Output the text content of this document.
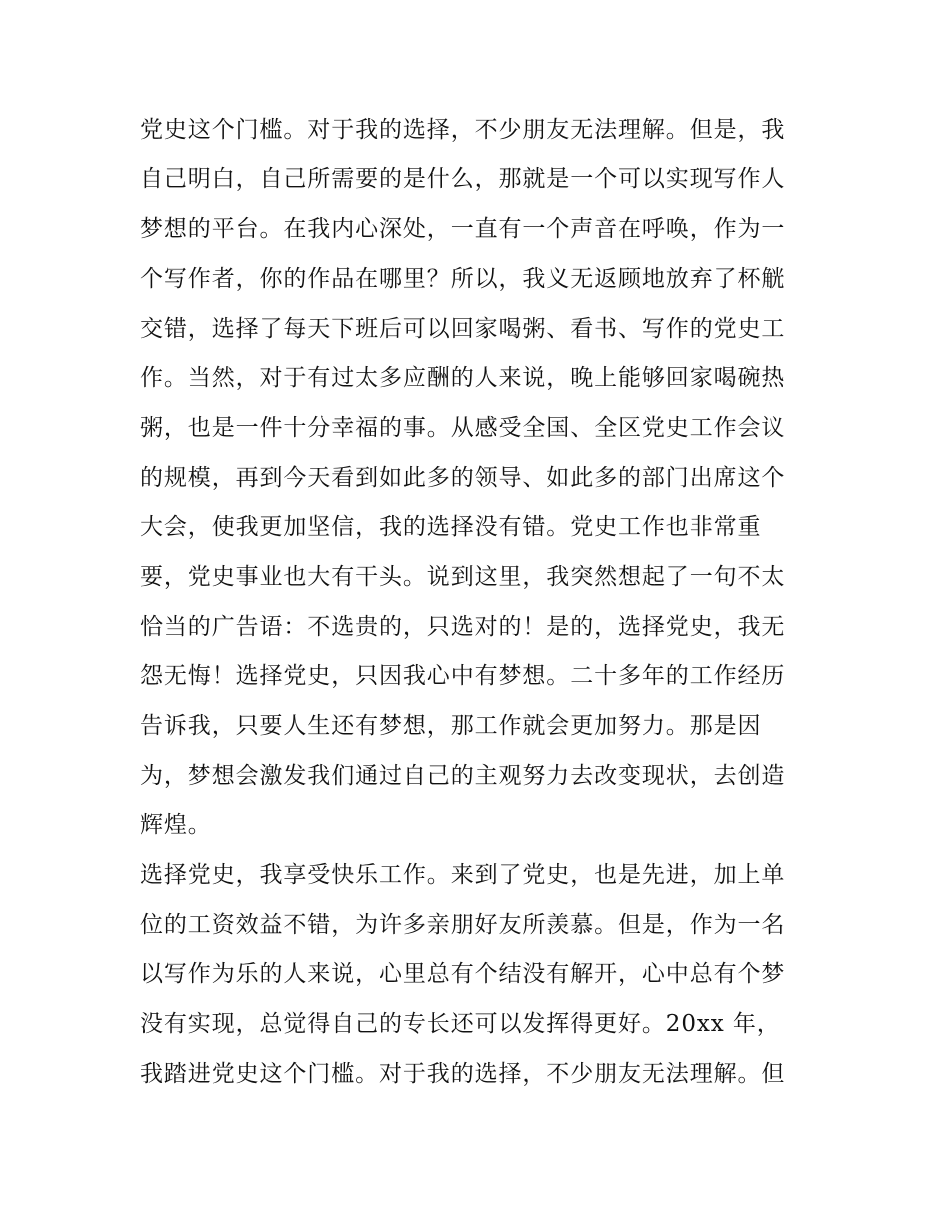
党史这个门槛。对于我的选择，不少朋友无法理解。但是，我

自己明白，自己所需要的是什么，那就是一个可以实现写作人

梦想的平台。在我内心深处，一直有一个声音在呼唤，作为一

个写作者，你的作品在哪里？所以，我义无返顾地放弃了杯觥

交错，选择了每天下班后可以回家喝粥、看书、写作的党史工

作。当然，对于有过太多应酬的人来说，晚上能够回家喝碗热

粥，也是一件十分幸福的事。从感受全国、全区党史工作会议

的规模，再到今天看到如此多的领导、如此多的部门出席这个

大会，使我更加坚信，我的选择没有错。党史工作也非常重

要，党史事业也大有干头。说到这里，我突然想起了一句不太

恰当的广告语：不选贵的，只选对的！是的，选择党史，我无

怨无悔！选择党史，只因我心中有梦想。二十多年的工作经历

告诉我，只要人生还有梦想，那工作就会更加努力。那是因

为，梦想会激发我们通过自己的主观努力去改变现状，去创造

辉煌。

选择党史，我享受快乐工作。来到了党史，也是先进，加上单

位的工资效益不错，为许多亲朋好友所羡慕。但是，作为一名

以写作为乐的人来说，心里总有个结没有解开，心中总有个梦

没有实现，总觉得自己的专长还可以发挥得更好。20xx 年，

我踏进党史这个门槛。对于我的选择，不少朋友无法理解。但
